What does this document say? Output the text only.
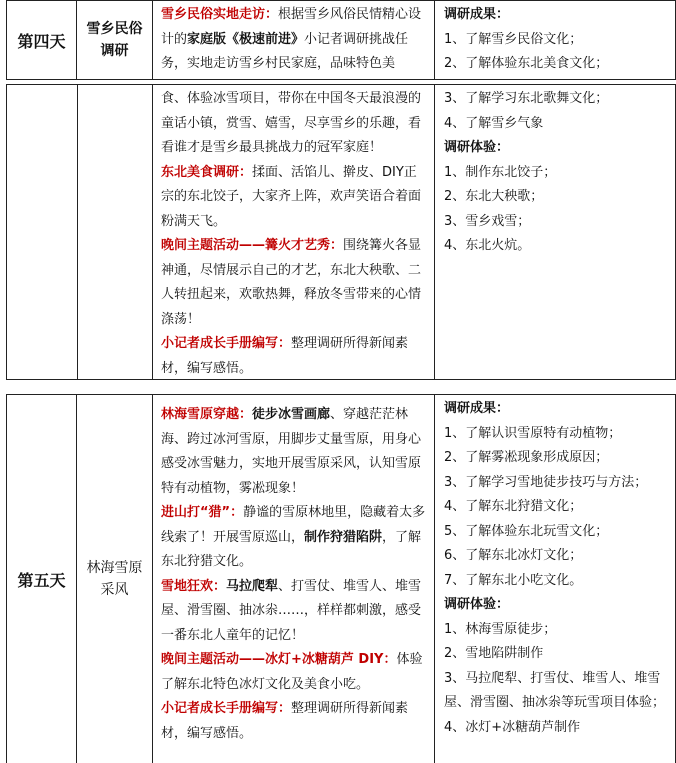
第四天
雪乡民俗
调研

雪乡民俗实地走访：根据雪乡风俗民情精心设计的家庭版《极速前进》小记者调研挑战任务，实地走访雪乡村民家庭，品味特色美

调研成果：

1、了解雪乡民俗文化；

2、了解体验东北美食文化；

食、体验冰雪项目，带你在中国冬天最浪漫的童话小镇，赏雪、嬉雪，尽享雪乡的乐趣，看看谁才是雪乡最具挑战力的冠军家庭！

东北美食调研：揉面、活馅儿、擀皮、DIY正宗的东北饺子，大家齐上阵，欢声笑语合着面粉满天飞。

晚间主题活动——篝火才艺秀：围绕篝火各显神通，尽情展示自己的才艺，东北大秧歌、二人转扭起来，欢歌热舞，释放冬雪带来的心情涤荡！

小记者成长手册编写：整理调研所得新闻素材，编写感悟。

3、了解学习东北歌舞文化；

4、了解雪乡气象

调研体验：

1、制作东北饺子；

2、东北大秧歌；

3、雪乡戏雪；

4、东北火炕。

第五天
林海雪原
采风

林海雪原穿越：徒步冰雪画廊、穿越茫茫林海、跨过冰河雪原，用脚步丈量雪原，用身心感受冰雪魅力，实地开展雪原采风，认知雪原特有动植物，雾凇现象！

进山打“猎”：静谧的雪原林地里，隐藏着太多线索了！开展雪原巡山，制作狩猎陷阱，了解东北狩猎文化。

雪地狂欢：马拉爬犁、打雪仗、堆雪人、堆雪屋、滑雪圈、抽冰尜……，样样都刺激，感受一番东北人童年的记忆！

晚间主题活动——冰灯+冰糖葫芦 DIY：体验了解东北特色冰灯文化及美食小吃。

小记者成长手册编写：整理调研所得新闻素材，编写感悟。

调研成果：

1、了解认识雪原特有动植物；

2、了解雾凇现象形成原因；

3、了解学习雪地徒步技巧与方法；

4、了解东北狩猎文化；

5、了解体验东北玩雪文化；

6、了解东北冰灯文化；

7、了解东北小吃文化。

调研体验：

1、林海雪原徒步；

2、雪地陷阱制作

3、马拉爬犁、打雪仗、堆雪人、堆雪屋、滑雪圈、抽冰尜等玩雪项目体验；

4、冰灯+冰糖葫芦制作
